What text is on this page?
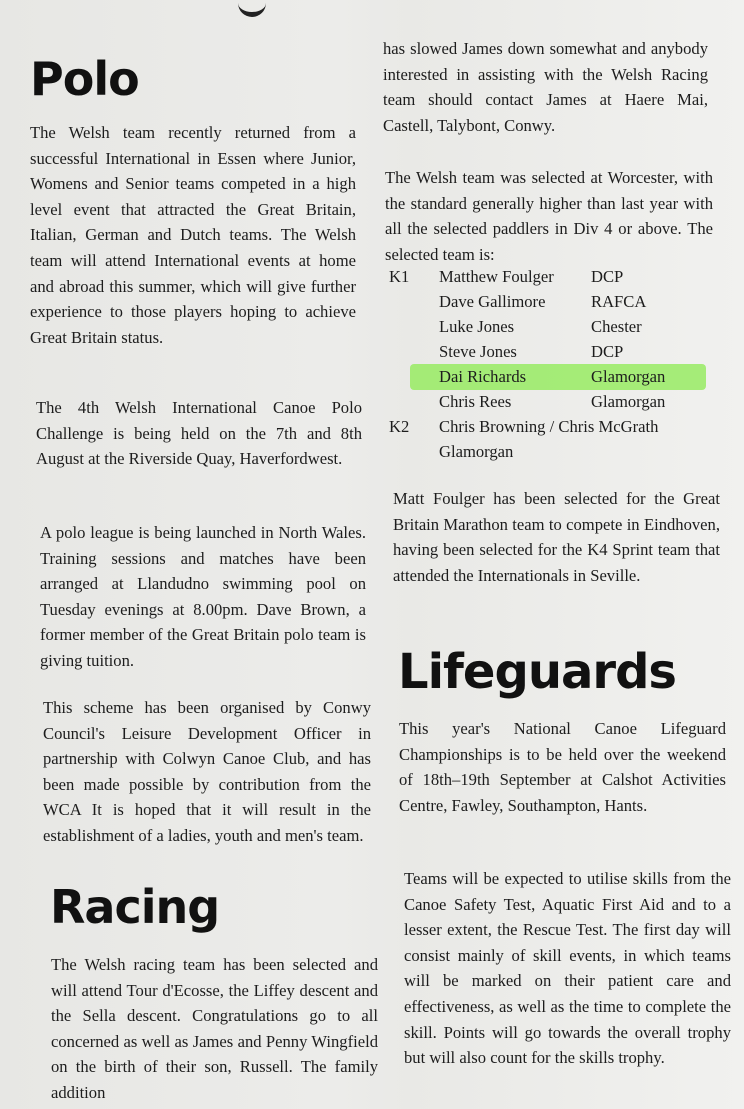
Polo

The Welsh team recently returned from a successful International in Essen where Junior, Womens and Senior teams competed in a high level event that attracted the Great Britain, Italian, German and Dutch teams. The Welsh team will attend International events at home and abroad this summer, which will give further experience to those players hoping to achieve Great Britain status.

The 4th Welsh International Canoe Polo Challenge is being held on the 7th and 8th August at the Riverside Quay, Haverfordwest.

A polo league is being launched in North Wales. Training sessions and matches have been arranged at Llandudno swimming pool on Tuesday evenings at 8.00pm. Dave Brown, a former member of the Great Britain polo team is giving tuition.

This scheme has been organised by Conwy Council's Leisure Development Officer in partnership with Colwyn Canoe Club, and has been made possible by contribution from the WCA It is hoped that it will result in the establishment of a ladies, youth and men's team.

Racing

The Welsh racing team has been selected and will attend Tour d'Ecosse, the Liffey descent and the Sella descent. Congratulations go to all concerned as well as James and Penny Wingfield on the birth of their son, Russell. The family addition

has slowed James down somewhat and anybody interested in assisting with the Welsh Racing team should contact James at Haere Mai, Castell, Talybont, Conwy.

The Welsh team was selected at Worcester, with the standard generally higher than last year with all the selected paddlers in Div 4 or above. The selected team is:

K1 Matthew Foulger DCP
Dave Gallimore	RAFCA
Luke Jones	Chester
Steve Jones	DCP
Dai Richards	Glamorgan
Chris Rees	Glamorgan
K2 Chris Browning / Chris McGrath
Glamorgan

Matt Foulger has been selected for the Great Britain Marathon team to compete in Eindhoven, having been selected for the K4 Sprint team that attended the Internationals in Seville.

Lifeguards

This year's National Canoe Lifeguard Championships is to be held over the weekend of 18th–19th September at Calshot Activities Centre, Fawley, Southampton, Hants.

Teams will be expected to utilise skills from the Canoe Safety Test, Aquatic First Aid and to a lesser extent, the Rescue Test. The first day will consist mainly of skill events, in which teams will be marked on their patient care and effectiveness, as well as the time to complete the skill. Points will go towards the overall trophy but will also count for the skills trophy.
